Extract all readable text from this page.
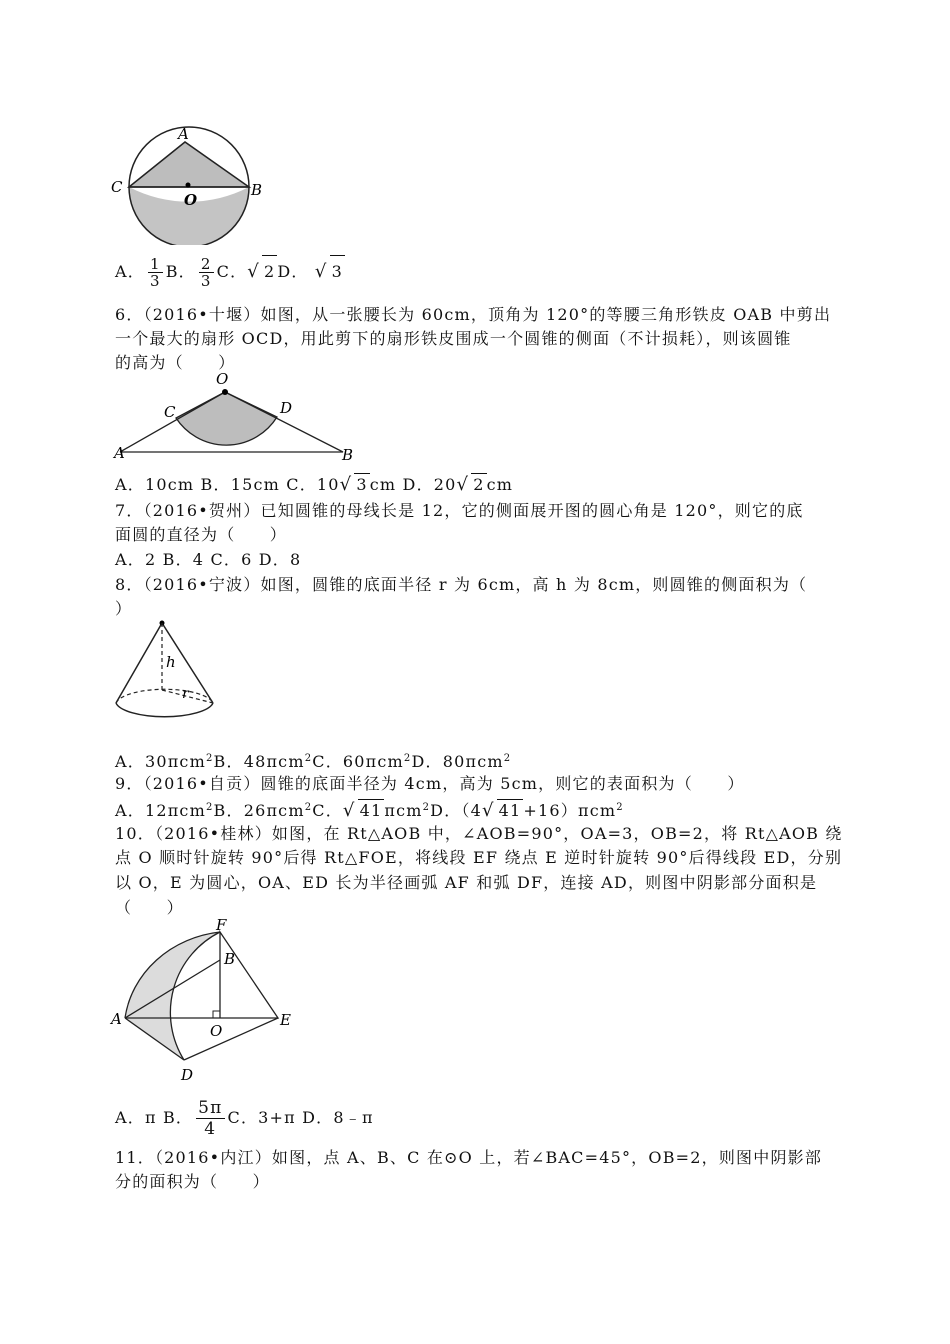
A
C	B
O
A． $\frac{1}{3}$ B． $\frac{2}{3}$ C．√ 2 D． √ 3
6．（2016•十堰）如图，从一张腰长为 60cm，顶角为 120°的等腰三角形铁皮 OAB 中剪出
一个最大的扇形 OCD，用此剪下的扇形铁皮围成一个圆锥的侧面（不计损耗），则该圆锥
的高为（　　）
O
C	D
A	B
A．10cm B．15cm C．10√ 3 cm D．20√ 2 cm
7．（2016•贺州）已知圆锥的母线长是 12，它的侧面展开图的圆心角是 120°，则它的底
面圆的直径为（　　）
A．2 B．4 C．6 D．8
8．（2016•宁波）如图，圆锥的底面半径 r 为 6cm，高 h 为 8cm，则圆锥的侧面积为（
）
h
r
A．30πcm$^2$B．48πcm$^2$C．60πcm$^2$D．80πcm$^2$
9．（2016•自贡）圆锥的底面半径为 4cm，高为 5cm，则它的表面积为（　　）
A．12πcm$^2$B．26πcm$^2$C．√ 41 πcm$^2$D．（4√ 41 +16）πcm$^2$
10．（2016•桂林）如图，在 Rt△AOB 中，∠AOB=90°，OA=3，OB=2，将 Rt△AOB 绕
点 O 顺时针旋转 90°后得 Rt△FOE，将线段 EF 绕点 E 逆时针旋转 90°后得线段 ED，分别
以 O，E 为圆心，OA、ED 长为半径画弧 AF 和弧 DF，连接 AD，则图中阴影部分面积是
（　　）
F
B
A
O
E
D
A．π B． $\frac{5\pi}{4}$ C．3+π D．8﹣π
11．（2016•内江）如图，点 A、B、C 在⊙O 上，若∠BAC=45°，OB=2，则图中阴影部
分的面积为（　　）
